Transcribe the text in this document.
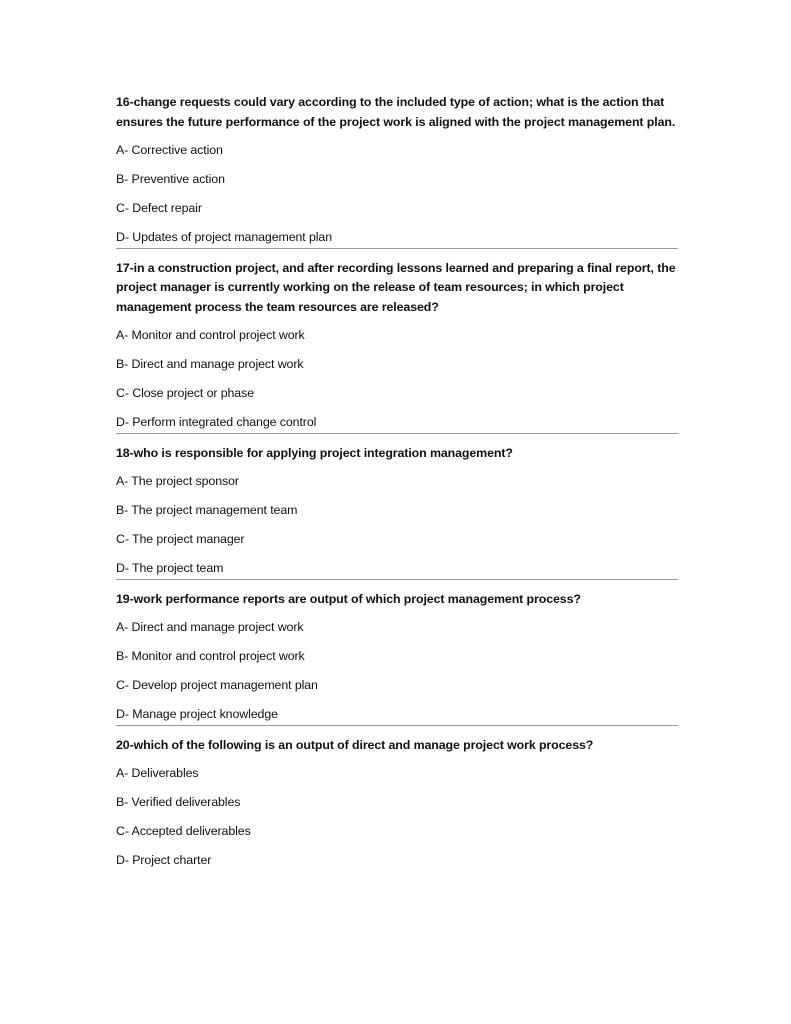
16-change requests could vary according to the included type of action; what is the action that ensures the future performance of the project work is aligned with the project management plan.

A- Corrective action

B- Preventive action

C- Defect repair

D- Updates of project management plan

17-in a construction project, and after recording lessons learned and preparing a final report, the project manager is currently working on the release of team resources; in which project management process the team resources are released?

A- Monitor and control project work

B- Direct and manage project work

C- Close project or phase

D- Perform integrated change control

18-who is responsible for applying project integration management?

A- The project sponsor

B- The project management team

C- The project manager

D- The project team

19-work performance reports are output of which project management process?

A- Direct and manage project work

B- Monitor and control project work

C- Develop project management plan

D- Manage project knowledge

20-which of the following is an output of direct and manage project work process?

A- Deliverables

B- Verified deliverables

C- Accepted deliverables

D- Project charter
